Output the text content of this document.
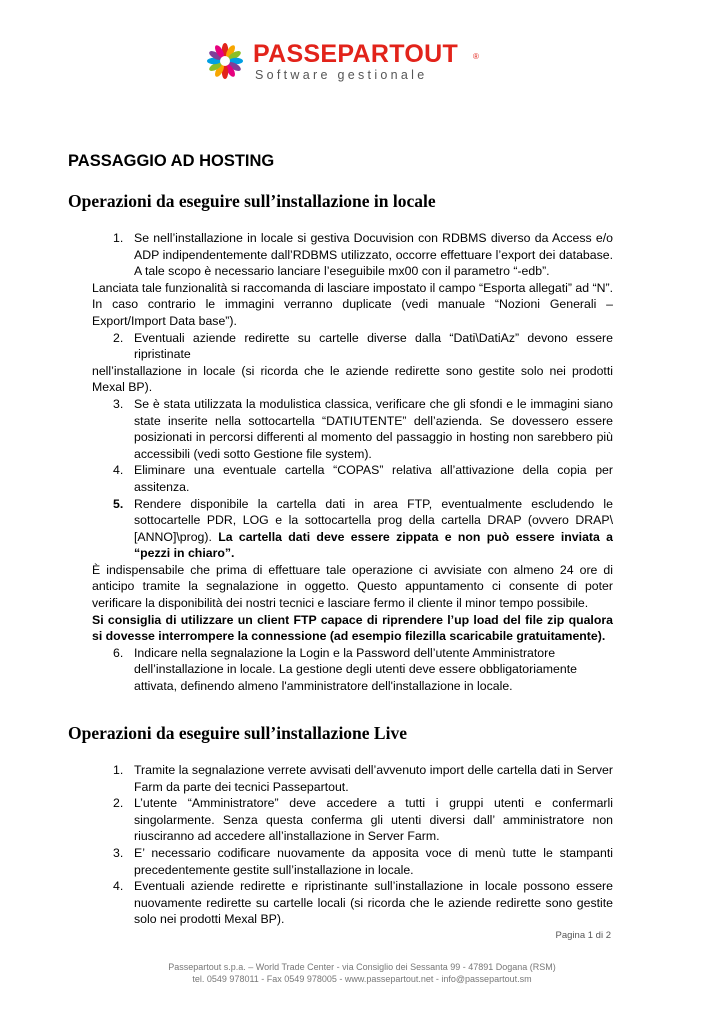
PASSEPARTOUT ®
Software gestionale
PASSAGGIO AD HOSTING
Operazioni da eseguire sull’installazione in locale
1. Se nell’installazione in locale si gestiva Docuvision con RDBMS diverso da Access e/o ADP indipendentemente dall’RDBMS utilizzato, occorre effettuare l’export dei database. A tale scopo è necessario lanciare l’eseguibile mx00 con il parametro “-edb”.
Lanciata tale funzionalità si raccomanda di lasciare impostato il campo “Esporta allegati” ad “N”. In caso contrario le immagini verranno duplicate (vedi manuale “Nozioni Generali – Export/Import Data base”).
2. Eventuali aziende redirette su cartelle diverse dalla “Dati\DatiAz” devono essere ripristinate
nell’installazione in locale (si ricorda che le aziende redirette sono gestite solo nei prodotti Mexal BP).
3. Se è stata utilizzata la modulistica classica, verificare che gli sfondi e le immagini siano state inserite nella sottocartella “DATIUTENTE” dell’azienda. Se dovessero essere posizionati in percorsi differenti al momento del passaggio in hosting non sarebbero più accessibili (vedi sotto Gestione file system).
4. Eliminare una eventuale cartella “COPAS” relativa all’attivazione della copia per assitenza.
5. Rendere disponibile la cartella dati in area FTP, eventualmente escludendo le sottocartelle PDR, LOG e la sottocartella prog della cartella DRAP (ovvero DRAP\[ANNO]\prog). La cartella dati deve essere zippata e non può essere inviata a “pezzi in chiaro”.
È indispensabile che prima di effettuare tale operazione ci avvisiate con almeno 24 ore di anticipo tramite la segnalazione in oggetto. Questo appuntamento ci consente di poter verificare la disponibilità dei nostri tecnici e lasciare fermo il cliente il minor tempo possibile.
Si consiglia di utilizzare un client FTP capace di riprendere l’up load del file zip qualora si dovesse interrompere la connessione (ad esempio filezilla scaricabile gratuitamente).
6. Indicare nella segnalazione la Login e la Password dell’utente Amministratore dell’installazione in locale. La gestione degli utenti deve essere obbligatoriamente attivata, definendo almeno l'amministratore dell'installazione in locale.
Operazioni da eseguire sull’installazione Live
1. Tramite la segnalazione verrete avvisati dell’avvenuto import delle cartella dati in Server Farm da parte dei tecnici Passepartout.
2. L’utente “Amministratore” deve accedere a tutti i gruppi utenti e confermarli singolarmente. Senza questa conferma gli utenti diversi dall’ amministratore non riusciranno ad accedere all’installazione in Server Farm.
3. E’ necessario codificare nuovamente da apposita voce di menù tutte le stampanti precedentemente gestite sull’installazione in locale.
4. Eventuali aziende redirette e ripristinante sull’installazione in locale possono essere nuovamente redirette su cartelle locali (si ricorda che le aziende redirette sono gestite solo nei prodotti Mexal BP).
Pagina 1 di 2
Passepartout s.p.a. – World Trade Center - via Consiglio dei Sessanta 99 - 47891 Dogana (RSM)
tel. 0549 978011 - Fax 0549 978005 - www.passepartout.net - info@passepartout.sm
